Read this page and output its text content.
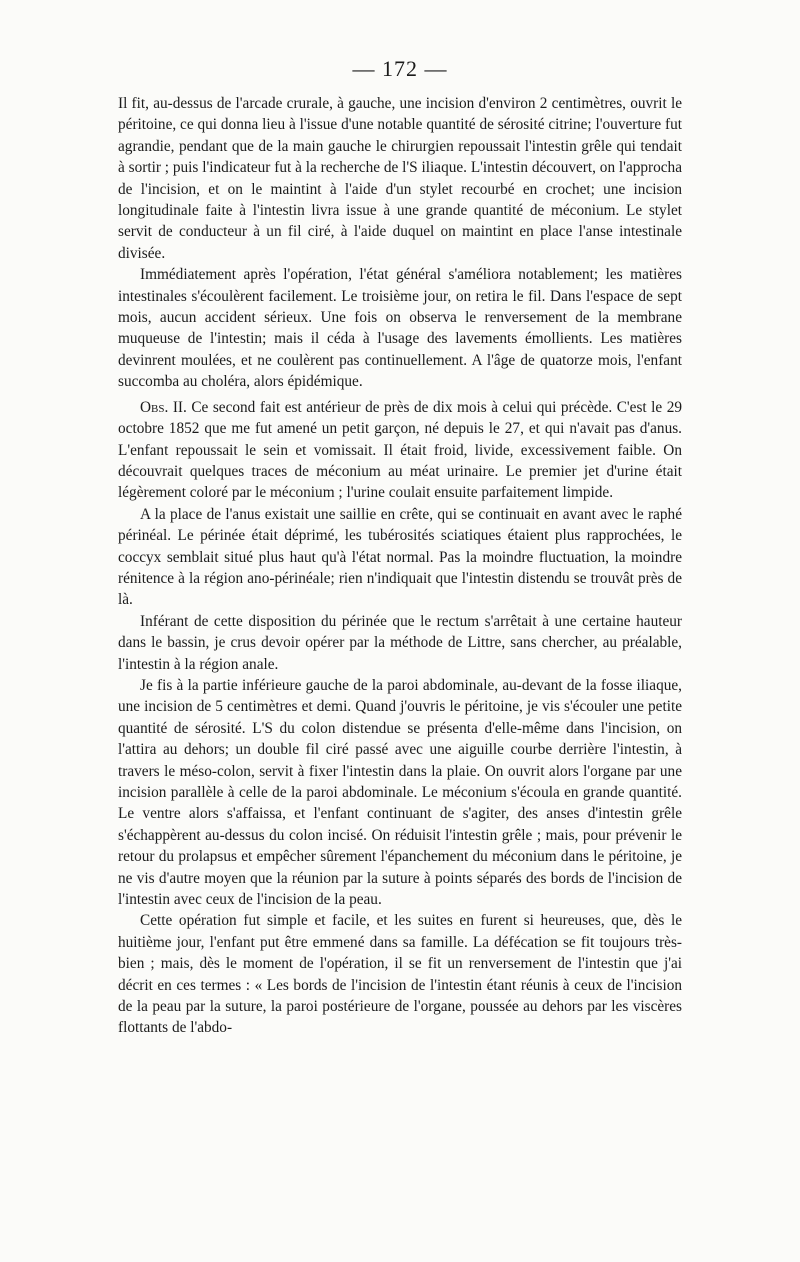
— 172 —

Il fit, au-dessus de l'arcade crurale, à gauche, une incision d'environ 2 centimètres, ouvrit le péritoine, ce qui donna lieu à l'issue d'une notable quantité de sérosité citrine; l'ouverture fut agrandie, pendant que de la main gauche le chirurgien repoussait l'intestin grêle qui tendait à sortir ; puis l'indicateur fut à la recherche de l'S iliaque. L'intestin découvert, on l'approcha de l'incision, et on le maintint à l'aide d'un stylet recourbé en crochet; une incision longitudinale faite à l'intestin livra issue à une grande quantité de méconium. Le stylet servit de conducteur à un fil ciré, à l'aide duquel on maintint en place l'anse intestinale divisée.

Immédiatement après l'opération, l'état général s'améliora notablement; les matières intestinales s'écoulèrent facilement. Le troisième jour, on retira le fil. Dans l'espace de sept mois, aucun accident sérieux. Une fois on observa le renversement de la membrane muqueuse de l'intestin; mais il céda à l'usage des lavements émollients. Les matières devinrent moulées, et ne coulèrent pas continuellement. A l'âge de quatorze mois, l'enfant succomba au choléra, alors épidémique.

Obs. II. Ce second fait est antérieur de près de dix mois à celui qui précède. C'est le 29 octobre 1852 que me fut amené un petit garçon, né depuis le 27, et qui n'avait pas d'anus. L'enfant repoussait le sein et vomissait. Il était froid, livide, excessivement faible. On découvrait quelques traces de méconium au méat urinaire. Le premier jet d'urine était légèrement coloré par le méconium ; l'urine coulait ensuite parfaitement limpide.

A la place de l'anus existait une saillie en crête, qui se continuait en avant avec le raphé périnéal. Le périnée était déprimé, les tubérosités sciatiques étaient plus rapprochées, le coccyx semblait situé plus haut qu'à l'état normal. Pas la moindre fluctuation, la moindre rénitence à la région ano-périnéale; rien n'indiquait que l'intestin distendu se trouvât près de là.

Inférant de cette disposition du périnée que le rectum s'arrêtait à une certaine hauteur dans le bassin, je crus devoir opérer par la méthode de Littre, sans chercher, au préalable, l'intestin à la région anale.

Je fis à la partie inférieure gauche de la paroi abdominale, au-devant de la fosse iliaque, une incision de 5 centimètres et demi. Quand j'ouvris le péritoine, je vis s'écouler une petite quantité de sérosité. L'S du colon distendue se présenta d'elle-même dans l'incision, on l'attira au dehors; un double fil ciré passé avec une aiguille courbe derrière l'intestin, à travers le méso-colon, servit à fixer l'intestin dans la plaie. On ouvrit alors l'organe par une incision parallèle à celle de la paroi abdominale. Le méconium s'écoula en grande quantité. Le ventre alors s'affaissa, et l'enfant continuant de s'agiter, des anses d'intestin grêle s'échappèrent au-dessus du colon incisé. On réduisit l'intestin grêle ; mais, pour prévenir le retour du prolapsus et empêcher sûrement l'épanchement du méconium dans le péritoine, je ne vis d'autre moyen que la réunion par la suture à points séparés des bords de l'incision de l'intestin avec ceux de l'incision de la peau.

Cette opération fut simple et facile, et les suites en furent si heureuses, que, dès le huitième jour, l'enfant put être emmené dans sa famille. La défécation se fit toujours très-bien ; mais, dès le moment de l'opération, il se fit un renversement de l'intestin que j'ai décrit en ces termes : « Les bords de l'incision de l'intestin étant réunis à ceux de l'incision de la peau par la suture, la paroi postérieure de l'organe, poussée au dehors par les viscères flottants de l'abdo-
